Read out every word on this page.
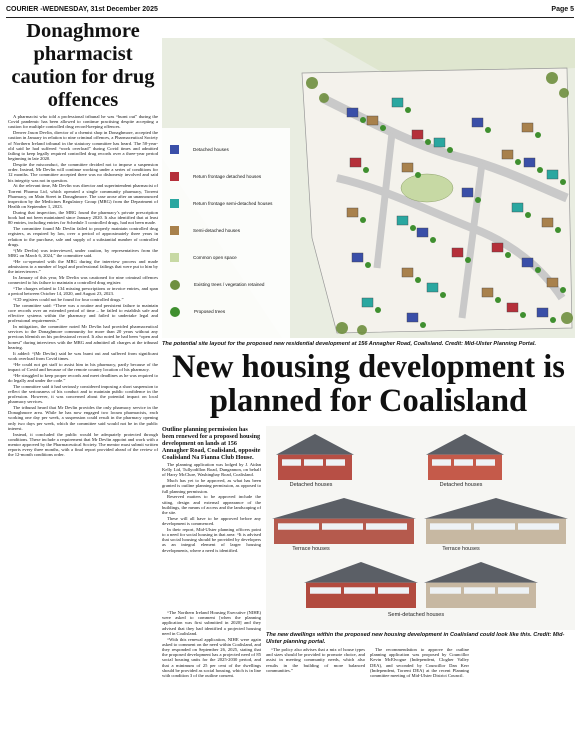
COURIER -WEDNESDAY, 31st December 2025	Page 5
Donaghmore pharmacist caution for drug offences

A pharmacist who told a professional tribunal he was “burnt out” during the Covid pandemic has been allowed to continue practising despite accepting a caution for multiple controlled drug record-keeping offences.

Denver Jason Devlin, director of a chemist shop in Donaghmore, accepted the caution in January in relation to nine criminal offences, a Pharmaceutical Society of Northern Ireland tribunal in the statutory committee has heard. The 50-year-old said he had suffered “work overload” during Covid times and admitted failing to keep legally required controlled drug records over a three-year period beginning in late 2020.

Despite the misconduct, the committee decided not to impose a suspension order. Instead, Mr Devlin will continue working under a series of conditions for 12 months. The committee accepted there was no dishonesty involved and said his integrity was not in question.

At the relevant time, Mr Devlin was director and superintendent pharmacist of Torrent Pharma Ltd, which operated a single community pharmacy, Torrent Pharmacy, on Main Street in Donaghmore. The case arose after an unannounced inspection by the Medicines Regulatory Group (MRG) from the Department of Health on September 1, 2023.

During that inspection, the MRG found the pharmacy’s private prescription book had not been maintained since January 2020. It also identified that at least 80 entries, including entries for Schedule 3 controlled drugs, had not been made.

The committee found Mr Devlin failed to properly maintain controlled drug registers, as required by law, over a period of approximately three years in relation to the purchase, sale and supply of a substantial number of controlled drugs.

“(Mr Devlin) was interviewed, under caution, by representatives from the MRG on March 6, 2024,” the committee said.

“He co-operated with the MRG during the interview process and made admissions to a number of legal and professional failings that were put to him by the interviewers.”

In January of this year, Mr Devlin was cautioned for nine criminal offences connected to his failure to maintain a controlled drug register.

“The charges related to 134 missing prescriptions or invoice entries, and span a period between October 14, 2020, and August 23, 2023.

“CD registers could not be found for four controlled drugs.”

The committee said: “There was a routine and persistent failure to maintain core records over an extended period of time – he failed to establish safe and effective systems within the pharmacy and failed to undertake legal and professional requirements.”

In mitigation, the committee noted Mr Devlin had provided pharmaceutical services to the Donaghmore community for more than 20 years without any previous blemish on his professional record. It also noted he had been “open and honest” during interviews with the MRG and admitted all charges at the tribunal hearing.

It added: “(Mr Devlin) said he was burnt out and suffered from significant work overload from Covid times.

“He could not get staff to assist him in his pharmacy, partly because of the impact of Covid and because of the remote country location of his pharmacy.

“He struggled to keep proper records and meet deadlines as he was required to do legally and under the code.”

The committee said it had seriously considered imposing a short suspension to reflect the seriousness of his conduct and to maintain public confidence in the profession. However, it was concerned about the potential impact on local pharmacy services.

The tribunal heard that Mr Devlin provides the only pharmacy service in the Donaghmore area. While he has now engaged two locum pharmacists, each working one day per week, a suspension could result in the pharmacy opening only two days per week, which the committee said would not be in the public interest.

Instead, it concluded the public would be adequately protected through conditions. These include a requirement that Mr Devlin appoint and work with a mentor approved by the Pharmaceutical Society. The mentor must submit written reports every three months, with a final report provided ahead of the review of the 12-month conditions order.

Detached houses
Return frontage detached houses
Return frontage semi-detached houses
Semi-detached houses
Common open space
Existing trees / vegetation retained
Proposed trees
The potential site layout for the proposed new residential development at 156 Annagher Road, Coalisland. Credit: Mid-Ulster Planning Portal.
New housing development is planned for Coalisland
Outline planning permission has been renewed for a proposed housing development on lands at 156 Annagher Road, Coalisland, opposite Coalisland Na Fianna Club House.

The planning application was lodged by J. Aidan Kelly Ltd, Tullyodillon Road, Dungannon, on behalf of Harry McClure, Washingbay Road, Coalisland.

Much has yet to be approved, as what has been granted is outline planning permission, as opposed to full planning permission.

Reserved matters to be approved include the siting, design and external appearance of the buildings, the means of access and the landscaping of the site.

These will all have to be approved before any development is commenced.

In their report, Mid-Ulster planning officers point to a need for social housing in that area: “It is advised that social housing should be provided by developers as an integral element of larger housing developments, where a need is identified.

Detached houses	Detached houses
Terrace houses	Terrace houses
Semi-detached houses
The new dwellings within the proposed new housing development in Coalisland could look like this. Credit: Mid-Ulster planning portal.

“The Northern Ireland Housing Executive (NIHE) were asked to comment [when the planning application was first submitted in 2020] and they advised that they had identified a projected housing need in Coalisland.

“With this renewal application, NIHE were again asked to comment on the need within Coalisland, and they responded on September 26, 2025, stating that the proposed development has a projected need of 85 social housing units for the 2025-2030 period, and that a minimum of 25 per cent of the dwellings should be provided as social housing, which is in line with condition 3 of the outline consent.

“The policy also advises that a mix of house types and sizes should be provided to promote choice, and assist in meeting community needs, which also results in the building of more balanced communities.”

The recommendation to approve the outline planning application was proposed by Councillor Kevin McElvogue (Independent, Clogher Valley DEA), and seconded by Councillor Dan Kerr (Independent, Torrent DEA) at the recent Planning committee meeting of Mid-Ulster District Council.
